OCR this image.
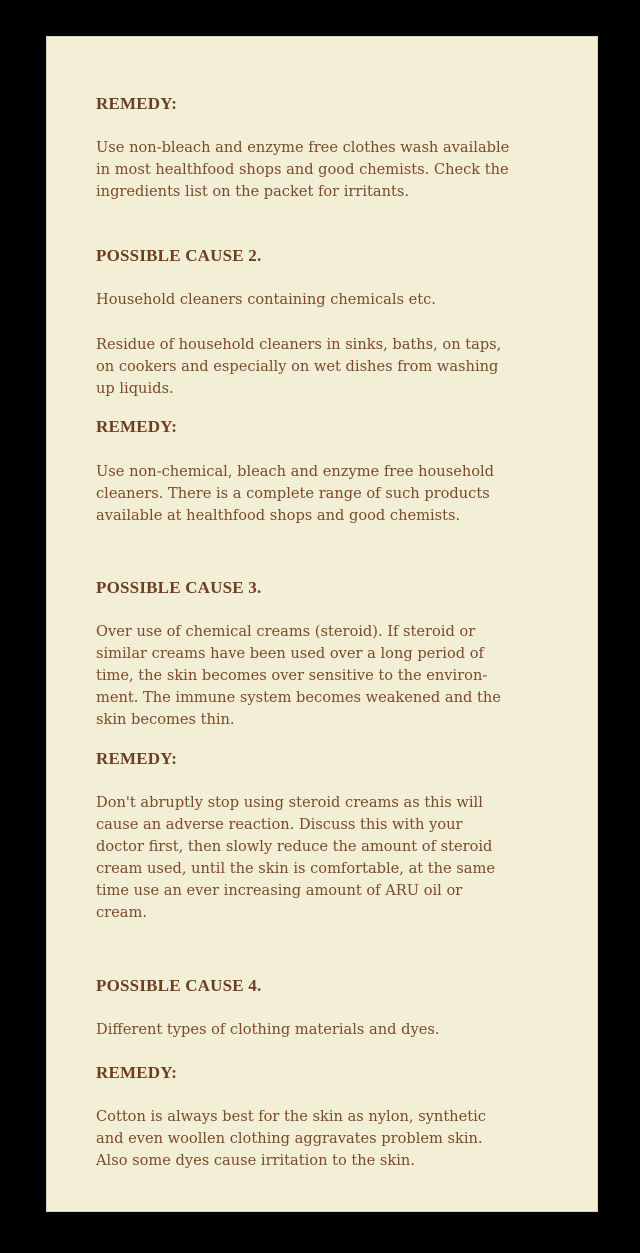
REMEDY:
Use non-bleach and enzyme free clothes wash available
in most healthfood shops and good chemists. Check the
ingredients list on the packet for irritants.
POSSIBLE CAUSE 2.
Household cleaners containing chemicals etc.
Residue of household cleaners in sinks, baths, on taps,
on cookers and especially on wet dishes from washing
up liquids.
REMEDY:
Use non-chemical, bleach and enzyme free household
cleaners. There is a complete range of such products
available at healthfood shops and good chemists.
POSSIBLE CAUSE 3.
Over use of chemical creams (steroid). If steroid or
similar creams have been used over a long period of
time, the skin becomes over sensitive to the environ-
ment. The immune system becomes weakened and the
skin becomes thin.
REMEDY:
Don't abruptly stop using steroid creams as this will
cause an adverse reaction. Discuss this with your
doctor first, then slowly reduce the amount of steroid
cream used, until the skin is comfortable, at the same
time use an ever increasing amount of ARU oil or
cream.
POSSIBLE CAUSE 4.
Different types of clothing materials and dyes.
REMEDY:
Cotton is always best for the skin as nylon, synthetic
and even woollen clothing aggravates problem skin.
Also some dyes cause irritation to the skin.
